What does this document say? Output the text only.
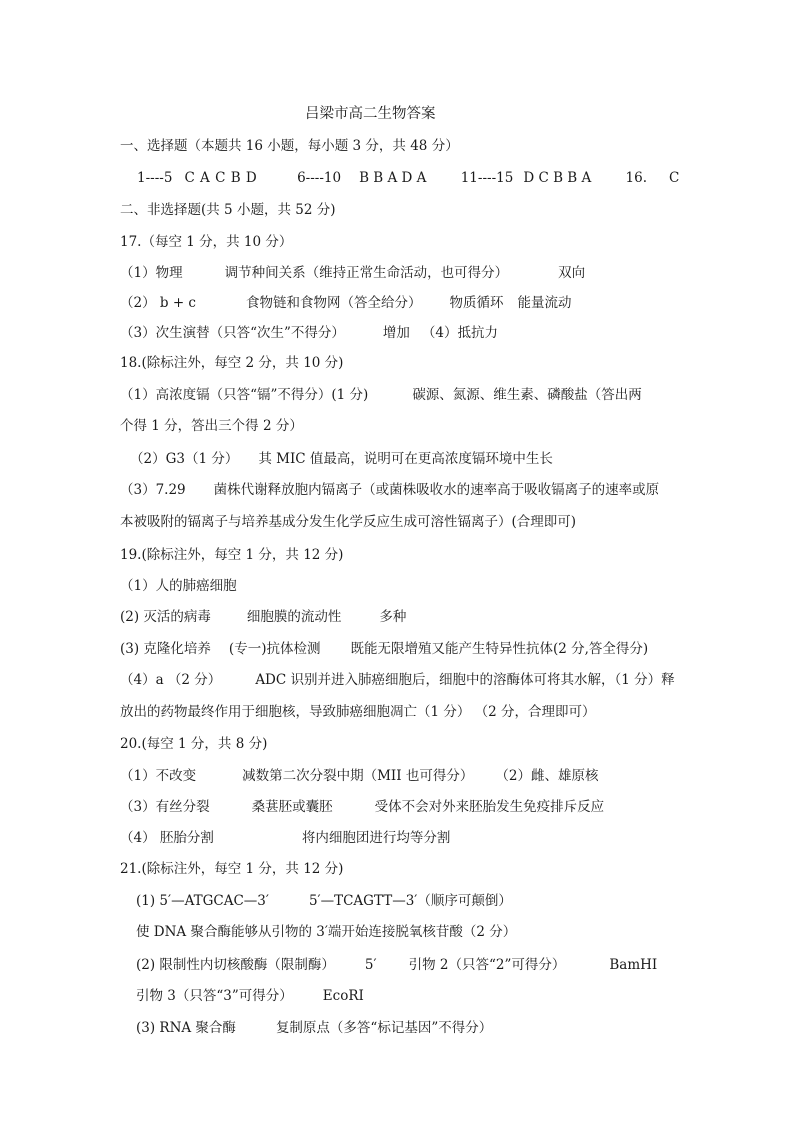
吕梁市高二生物答案
一、选择题（本题共 16 小题，每小题 3 分，共 48 分）
1----5 C A C B D	6----10 B B A D A	11----15 D C B B A	16. C
二、非选择题(共 5 小题，共 52 分)
17.（每空 1 分，共 10 分）
（1）物理	调节种间关系（维持正常生命活动，也可得分）	双向
（2） b + c	食物链和食物网（答全给分） 物质循环 能量流动
（3）次生演替（只答“次生”不得分）	增加 （4）抵抗力
18.(除标注外，每空 2 分，共 10 分)
（1）高浓度镉（只答“镉”不得分）(1 分)	碳源、氮源、维生素、磷酸盐（答出两
个得 1 分，答出三个得 2 分）
（2）G3（1 分） 其 MIC 值最高，说明可在更高浓度镉环境中生长
（3）7.29 菌株代谢释放胞内镉离子（或菌株吸收水的速率高于吸收镉离子的速率或原
本被吸附的镉离子与培养基成分发生化学反应生成可溶性镉离子）(合理即可)
19.(除标注外，每空 1 分，共 12 分)
（1）人的肺癌细胞
(2) 灭活的病毒	细胞膜的流动性	多种
(3) 克隆化培养 (专一)抗体检测 既能无限增殖又能产生特异性抗体(2 分,答全得分)
（4）a （2 分）	ADC 识别并进入肺癌细胞后，细胞中的溶酶体可将其水解，（1 分）释
放出的药物最终作用于细胞核，导致肺癌细胞凋亡（1 分） （2 分，合理即可）
20.(每空 1 分，共 8 分)
（1）不改变	减数第二次分裂中期（MII 也可得分） （2）雌、雄原核
（3）有丝分裂	桑葚胚或囊胚	受体不会对外来胚胎发生免疫排斥反应
（4） 胚胎分割	将内细胞团进行均等分割
21.(除标注外，每空 1 分，共 12 分)
(1) 5′—ATGCAC—3′	5′—TCAGTT—3′（顺序可颠倒）
使 DNA 聚合酶能够从引物的 3′端开始连接脱氧核苷酸（2 分）
(2) 限制性内切核酸酶（限制酶） 5′ 引物 2（只答“2”可得分）	BamHI
引物 3（只答“3”可得分） EcoRI
(3) RNA 聚合酶	复制原点（多答“标记基因”不得分）
